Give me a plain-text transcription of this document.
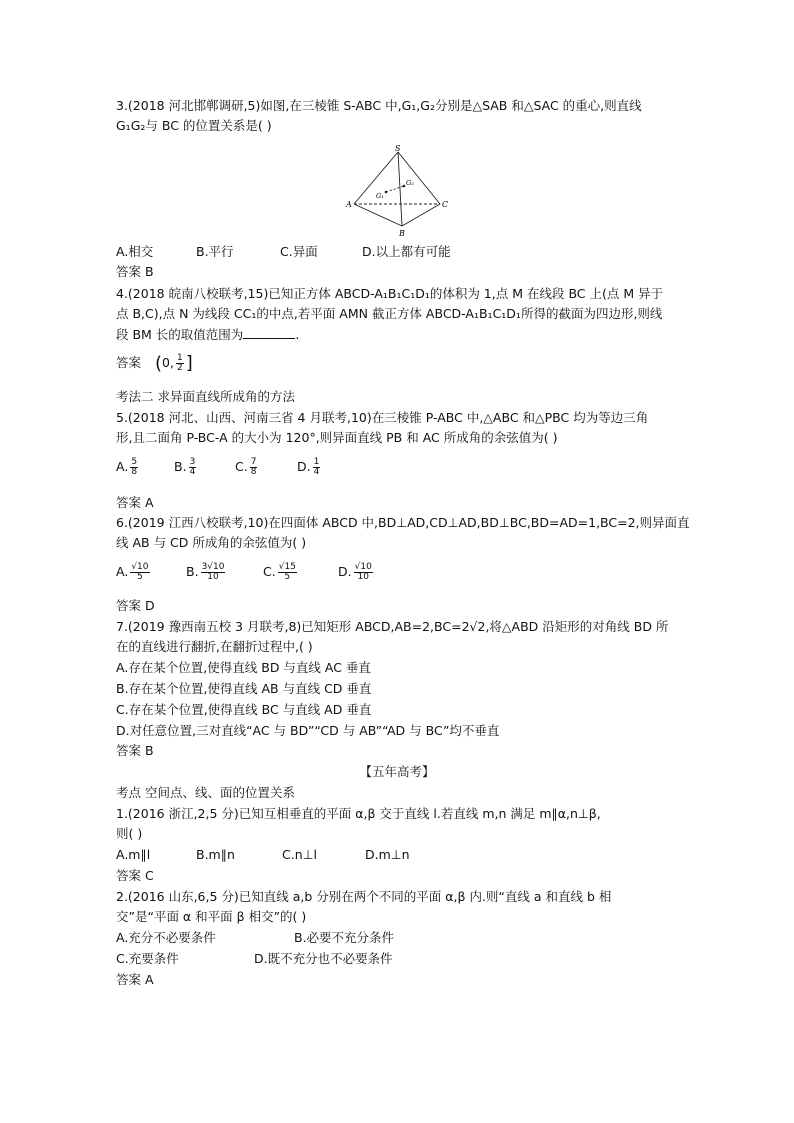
3.(2018 河北邯郸调研,5)如图,在三棱锥 S-ABC 中,G₁,G₂分别是△SAB 和△SAC 的重心,则直线
G₁G₂与 BC 的位置关系是( )
S
A	C
B
G₁
G₂
A.相交	B.平行	C.异面	D.以上都有可能
答案 B
4.(2018 皖南八校联考,15)已知正方体 ABCD-A₁B₁C₁D₁的体积为 1,点 M 在线段 BC 上(点 M 异于
点 B,C),点 N 为线段 CC₁的中点,若平面 AMN 截正方体 ABCD-A₁B₁C₁D₁所得的截面为四边形,则线
段 BM 长的取值范围为	.
答案 (0, $\frac{1}{2}$ ]
考法二 求异面直线所成角的方法
5.(2018 河北、山西、河南三省 4 月联考,10)在三棱锥 P-ABC 中,△ABC 和△PBC 均为等边三角
形,且二面角 P-BC-A 的大小为 120°,则异面直线 PB 和 AC 所成角的余弦值为( )
A. $\frac{5}{8}$	B. $\frac{3}{4}$	C. $\frac{7}{8}$	D. $\frac{1}{4}$
答案 A
6.(2019 江西八校联考,10)在四面体 ABCD 中,BD⊥AD,CD⊥AD,BD⊥BC,BD=AD=1,BC=2,则异面直
线 AB 与 CD 所成角的余弦值为( )
A. $\frac{√10}{5}$	B. $\frac{3√10}{10}$	C. $\frac{√15}{5}$	D. $\frac{√10}{10}$
答案 D
7.(2019 豫西南五校 3 月联考,8)已知矩形 ABCD,AB=2,BC=2√2,将△ABD 沿矩形的对角线 BD 所
在的直线进行翻折,在翻折过程中,( )
A.存在某个位置,使得直线 BD 与直线 AC 垂直
B.存在某个位置,使得直线 AB 与直线 CD 垂直
C.存在某个位置,使得直线 BC 与直线 AD 垂直
D.对任意位置,三对直线“AC 与 BD”“CD 与 AB”“AD 与 BC”均不垂直
答案 B
【五年高考】
考点 空间点、线、面的位置关系
1.(2016 浙江,2,5 分)已知互相垂直的平面 α,β 交于直线 l.若直线 m,n 满足 m∥α,n⊥β,
则( )
A.m∥l	B.m∥n	C.n⊥l	D.m⊥n
答案 C
2.(2016 山东,6,5 分)已知直线 a,b 分别在两个不同的平面 α,β 内.则“直线 a 和直线 b 相
交”是“平面 α 和平面 β 相交”的( )
A.充分不必要条件	B.必要不充分条件
C.充要条件	D.既不充分也不必要条件
答案 A
